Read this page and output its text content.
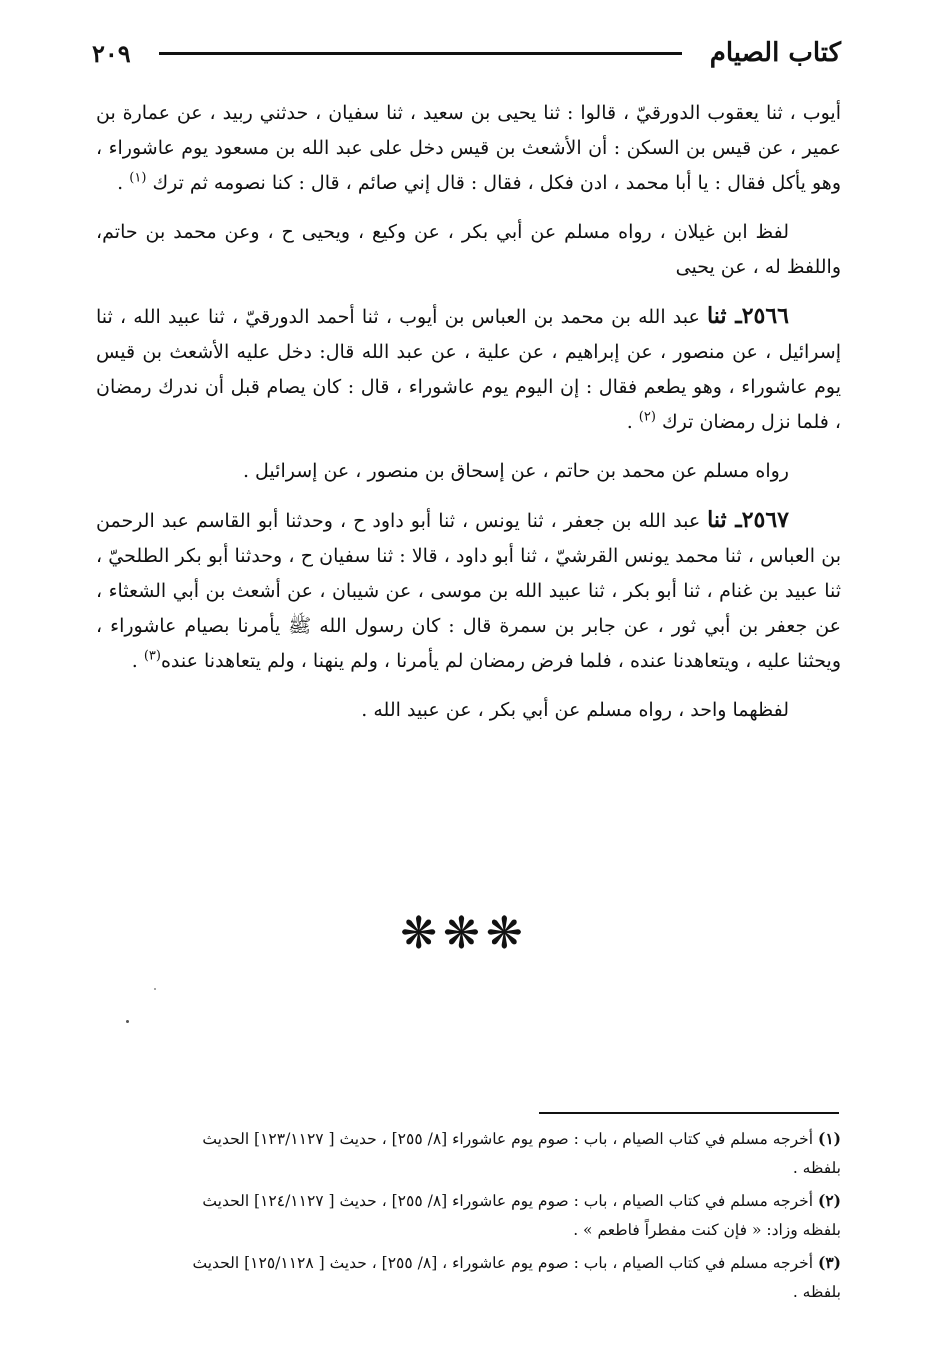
كتاب الصيام
٢٠٩

أيوب ، ثنا يعقوب الدورقيّ ، قالوا : ثنا يحيى بن سعيد ، ثنا سفيان ، حدثني ربيد ، عن عمارة بن عمير ، عن قيس بن السكن : أن الأشعث بن قيس دخل على عبد الله بن مسعود يوم عاشوراء ، وهو يأكل فقال : يا أبا محمد ، ادن فكل ، فقال : قال إني صائم ، قال : كنا نصومه ثم ترك $^{(١)}$ .

لفظ ابن غيلان ، رواه مسلم عن أبي بكر ، عن وكيع ، ويحيى ح ، وعن محمد بن حاتم، واللفظ له ، عن يحيى

٢٥٦٦ـ ثنا عبد الله بن محمد بن العباس بن أيوب ، ثنا أحمد الدورقيّ ، ثنا عبيد الله ، ثنا إسرائيل ، عن منصور ، عن إبراهيم ، عن علية ، عن عبد الله قال: دخل عليه الأشعث بن قيس يوم عاشوراء ، وهو يطعم فقال : إن اليوم يوم عاشوراء ، قال : كان يصام قبل أن ندرك رمضان ، فلما نزل رمضان ترك $^{(٢)}$ .

رواه مسلم عن محمد بن حاتم ، عن إسحاق بن منصور ، عن إسرائيل .

٢٥٦٧ـ ثنا عبد الله بن جعفر ، ثنا يونس ، ثنا أبو داود ح ، وحدثنا أبو القاسم عبد الرحمن بن العباس ، ثنا محمد يونس القرشيّ ، ثنا أبو داود ، قالا : ثنا سفيان ح ، وحدثنا أبو بكر الطلحيّ ، ثنا عبيد بن غنام ، ثنا أبو بكر ، ثنا عبيد الله بن موسى ، عن شيبان ، عن أشعث بن أبي الشعثاء ، عن جعفر بن أبي ثور ، عن جابر بن سمرة قال : كان رسول الله ﷺ يأمرنا بصيام عاشوراء ، ويحثنا عليه ، ويتعاهدنا عنده ، فلما فرض رمضان لم يأمرنا ، ولم ينهنا ، ولم يتعاهدنا عنده$^{(٣)}$ .

لفظهما واحد ، رواه مسلم عن أبي بكر ، عن عبيد الله .

❋❋❋
(١) أخرجه مسلم في كتاب الصيام ، باب : صوم يوم عاشوراء [٨/ ٢٥٥] ، حديث [ ١٢٣/١١٢٧] الحديث
بلفظه .
(٢) أخرجه مسلم في كتاب الصيام ، باب : صوم يوم عاشوراء [٨/ ٢٥٥] ، حديث [ ١٢٤/١١٢٧] الحديث
بلفظه وزاد: « فإن كنت مفطراً فاطعم » .
(٣) أخرجه مسلم في كتاب الصيام ، باب : صوم يوم عاشوراء ، [٨/ ٢٥٥] ، حديث [ ١٢٥/١١٢٨] الحديث
بلفظه .
